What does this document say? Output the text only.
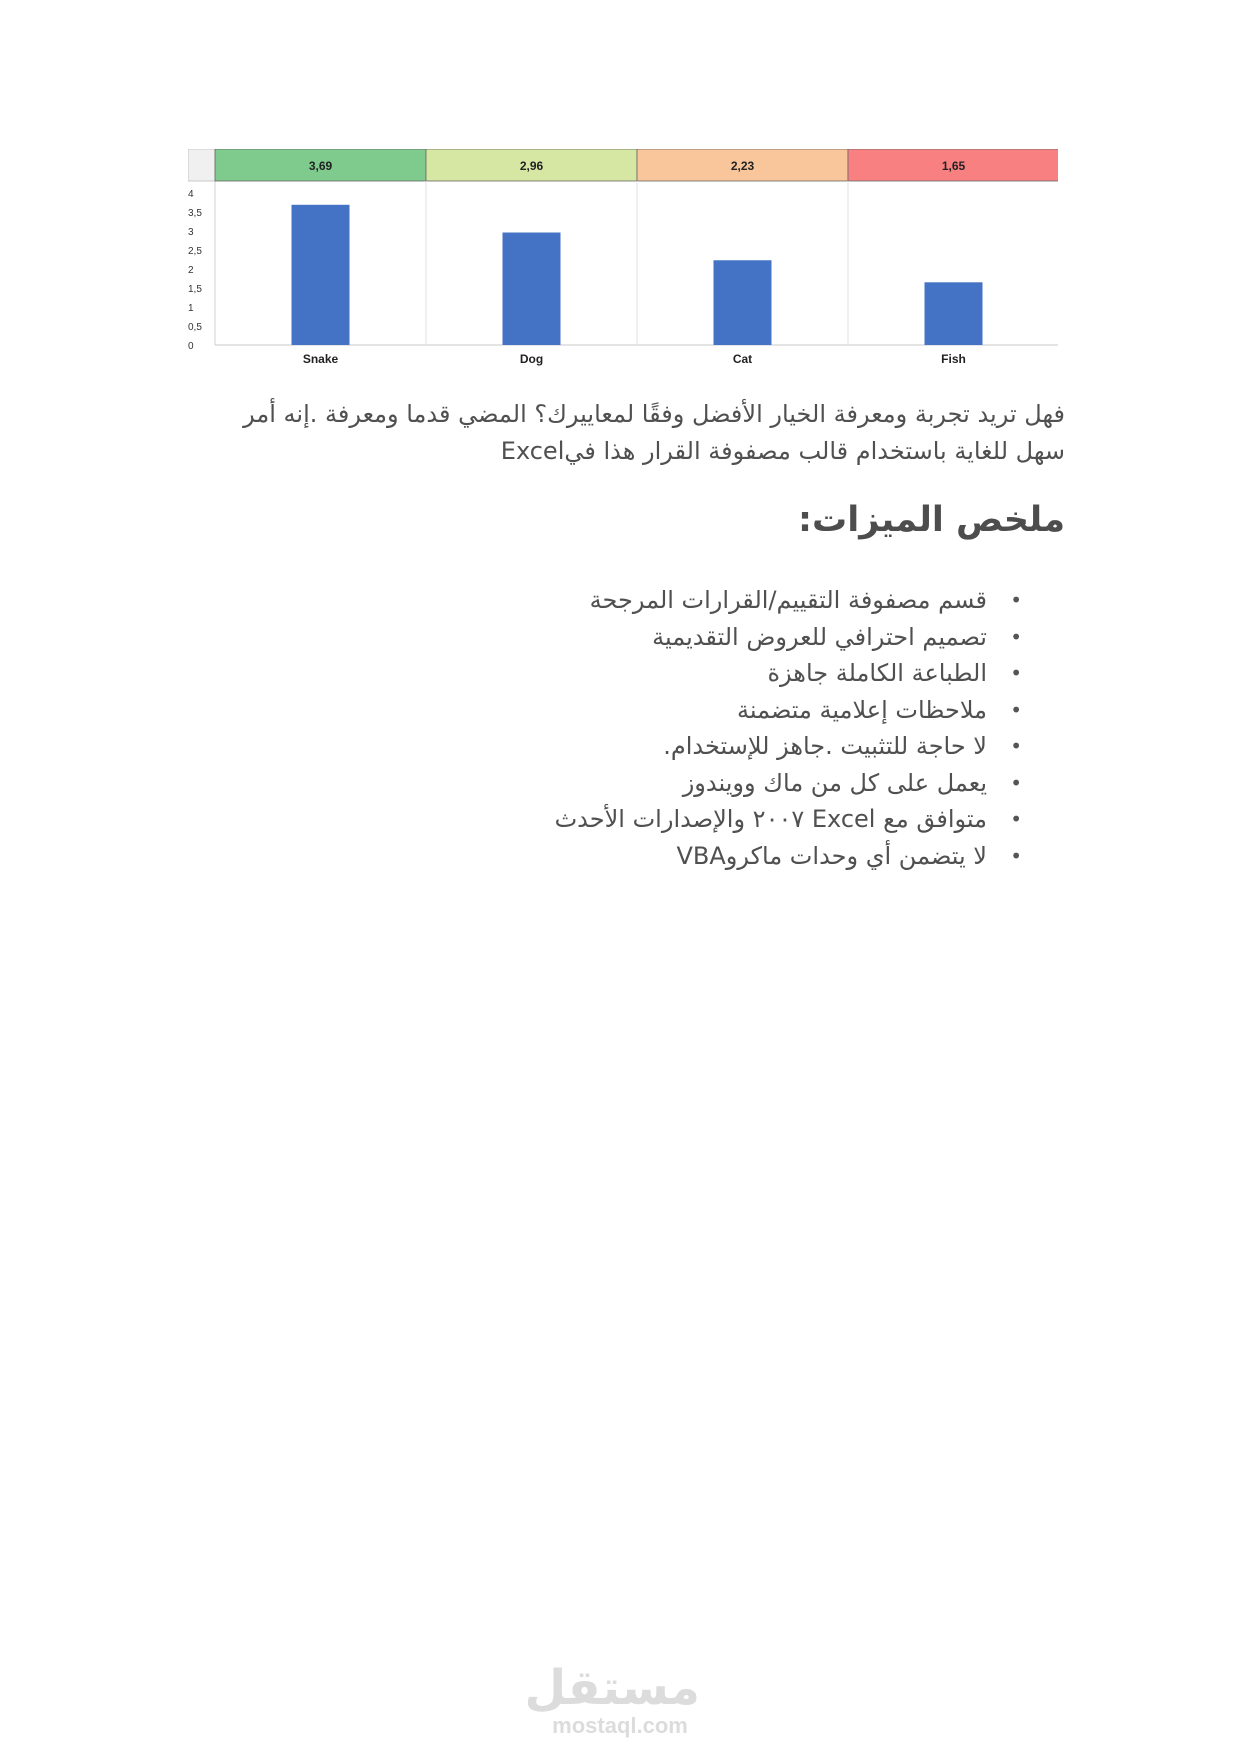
3,69
Snake
2,96
Dog
2,23
Cat
1,65
Fish
0
0,5
1
1,5
2
2,5
3
3,5
4

فهل تريد تجربة ومعرفة الخيار الأفضل وفقًا لمعاييرك؟ المضي قدما ومعرفة .إنه أمر سهل للغاية باستخدام قالب مصفوفة القرار هذا فيExcel

ملخص الميزات:
•
قسم مصفوفة التقييم/القرارات المرجحة
•
تصميم احترافي للعروض التقديمية
•
الطباعة الكاملة جاهزة
•
ملاحظات إعلامية متضمنة
•
لا حاجة للتثبيت .جاهز للإستخدام.
•
يعمل على كل من ماك وويندوز
•
متوافق مع Excel ٢٠٠٧ والإصدارات الأحدث
•
لا يتضمن أي وحدات ماكروVBA
مستقل
mostaql.com
